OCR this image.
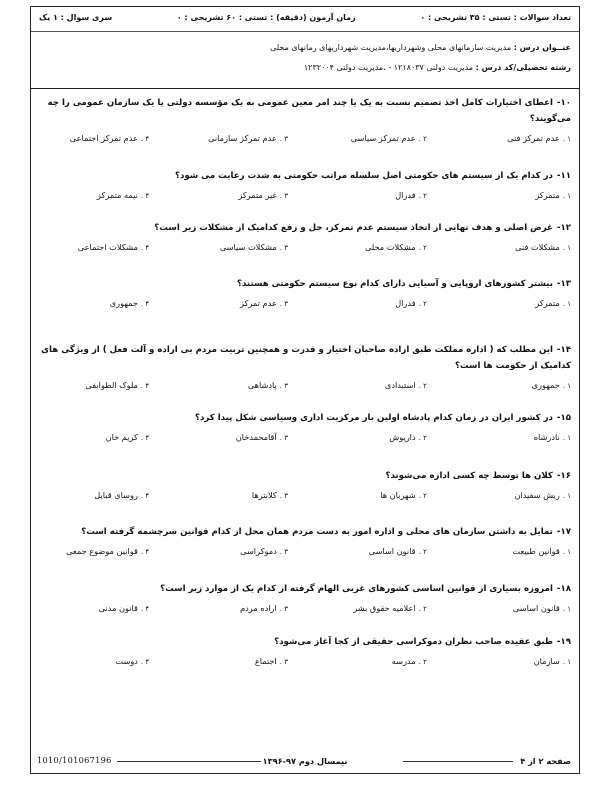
تعداد سوالات : تستی : ۳۵ تشریحی : ۰
زمان آزمون (دقیقه) : تستی : ۶۰ تشریحی : ۰
سری سوال : ۱ یک
عنــوان درس : مدیریت سازمانهای محلی وشهرداریها،مدیریت شهرداریهای رمانهای محلی
رشته تحصیلی/کد درس : مدیریت دولتی ۱۲۱۸۰۳۷ - ،مدیریت دولتی ۱۲۳۲۰۰۴
۱۰-اعطای اختیارات کامل اخذ تصمیم نسبت به یک یا چند امر معین عمومی به یک مؤسسه دولتی یا یک سازمان عمومی را چه می‌گویند؟
۱ .عدم تمرکز فنی
۲ .عدم تمرکز سیاسی
۳ .عدم تمرکز سازمانی
۴ .عدم تمرکز اجتماعی
۱۱-در کدام یک از سیستم های حکومتی اصل سلسله مراتب حکومتی به شدت رعایت می شود؟
۱ .متمرکز
۲ .فدرال
۳ .غیر متمرکز
۴ .نیمه متمرکز
۱۲-غرض اصلی و هدف نهایی از اتخاذ سیستم عدم تمرکز، حل و رفع کدامیک از مشکلات زیر است؟
۱ .مشکلات فنی
۲ .مشکلات محلی
۳ .مشکلات سیاسی
۴ .مشکلات اجتماعی
۱۳-بیشتر کشورهای اروپایی و آسیایی دارای کدام نوع سیستم حکومتی هستند؟
۱ .متمرکز
۲ .فدرال
۳ .عدم تمرکز
۴ .جمهوری
۱۴-این مطلب که ( اداره مملکت طبق اراده صاحبان اختیار و قدرت و همچنین تربیت مردم بی اراده و آلت فعل ) از ویژگی های کدامیک از حکومت ها است؟
۱ .جمهوری
۲ .استبدادی
۳ .پادشاهی
۴ .ملوک الطوایفی
۱۵-در کشور ایران در زمان کدام پادشاه اولین بار مرکزیت اداری وسیاسی شکل پیدا کرد؟
۱ .نادرشاه
۲ .داریوش
۳ .آقامحمدخان
۴ .کریم خان
۱۶-کلان ها توسط چه کسی اداره می‌شوند؟
۱ .ریش سفیدان
۲ .شهربان ها
۳ .کلانترها
۴ .روسای قبایل
۱۷-تمایل به داشتن سازمان های محلی و اداره امور به دست مردم همان محل از کدام قوانین سرچشمه گرفته است؟
۱ .قوانین طبیعت
۲ .قانون اساسی
۳ .دموکراسی
۴ .قوانین موضوع جمعی
۱۸-امروزه بسیاری از قوانین اساسی کشورهای غربی الهام گرفته از کدام یک از موارد زیر است؟
۱ .قانون اساسی
۲ .اعلامیه حقوق بشر
۳ .اراده مردم
۴ .قانون مدنی
۱۹-طبق عقیده صاحب نظران دموکراسی حقیقی از کجا آغاز می‌شود؟
۱ .سازمان
۲ .مدرسه
۳ .اجتماع
۴ .دوست
صفحه ۲ از ۴
نیمسال دوم ۹۷-۱۳۹۶
1010/101067196
